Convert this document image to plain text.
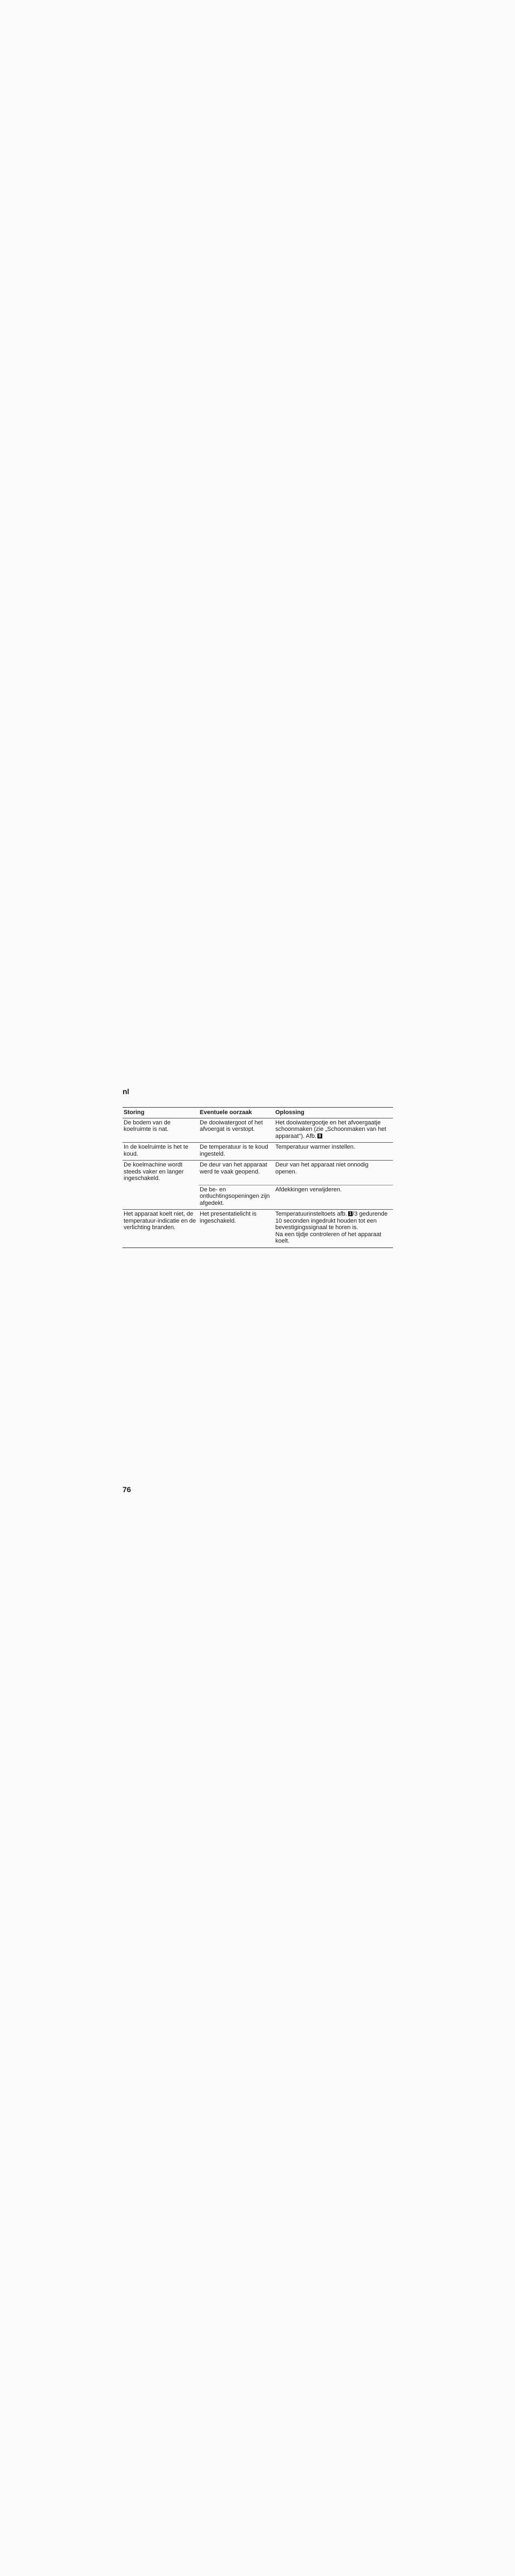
nl
Storing	Eventuele oorzaak	Oplossing
De bodem van de koelruimte is nat.
De dooiwatergoot of het afvoergat is verstopt.
Het dooiwatergootje en het afvoergaatje schoonmaken (zie „Schoonmaken van het apparaat"). Afb. 8
In de koelruimte is het te koud.
De temperatuur is te koud ingesteld.
Temperatuur warmer instellen.
De koelmachine wordt steeds vaker en langer ingeschakeld.
De deur van het apparaat werd te vaak geopend.
Deur van het apparaat niet onnodig openen.
De be- en ontluchtingsopeningen zijn afgedekt.
Afdekkingen verwijderen.
Het apparaat koelt niet, de temperatuur-indicatie en de verlichting branden.
Het presentatielicht is ingeschakeld.
Temperatuurinsteltoets afb. 1 /3 gedurende 10 seconden ingedrukt houden tot een bevestigingssignaal te horen is.
Na een tijdje controleren of het apparaat koelt.
76
